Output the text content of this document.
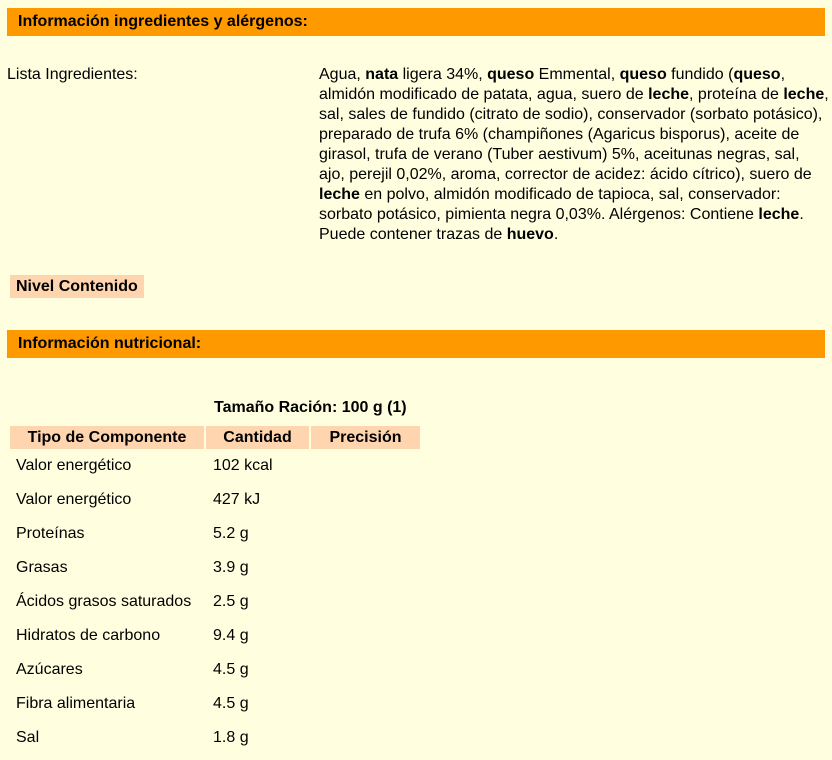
Información ingredientes y alérgenos:
Lista Ingredientes:	Agua, nata ligera 34%, queso Emmental, queso fundido (queso, almidón modificado de patata, agua, suero de leche, proteína de leche, sal, sales de fundido (citrato de sodio), conservador (sorbato potásico), preparado de trufa 6% (champiñones (Agaricus bisporus), aceite de girasol, trufa de verano (Tuber aestivum) 5%, aceitunas negras, sal, ajo, perejil 0,02%, aroma, corrector de acidez: ácido cítrico), suero de leche en polvo, almidón modificado de tapioca, sal, conservador: sorbato potásico, pimienta negra 0,03%. Alérgenos: Contiene leche. Puede contener trazas de huevo.
Nivel Contenido
Información nutricional:
Tamaño Ración: 100 g (1)
Tipo de Componente	Cantidad	Precisión
Valor energético	102 kcal
Valor energético	427 kJ
Proteínas	5.2 g
Grasas	3.9 g
Ácidos grasos saturados 2.5 g
Hidratos de carbono	9.4 g
Azúcares	4.5 g
Fibra alimentaria	4.5 g
Sal	1.8 g
